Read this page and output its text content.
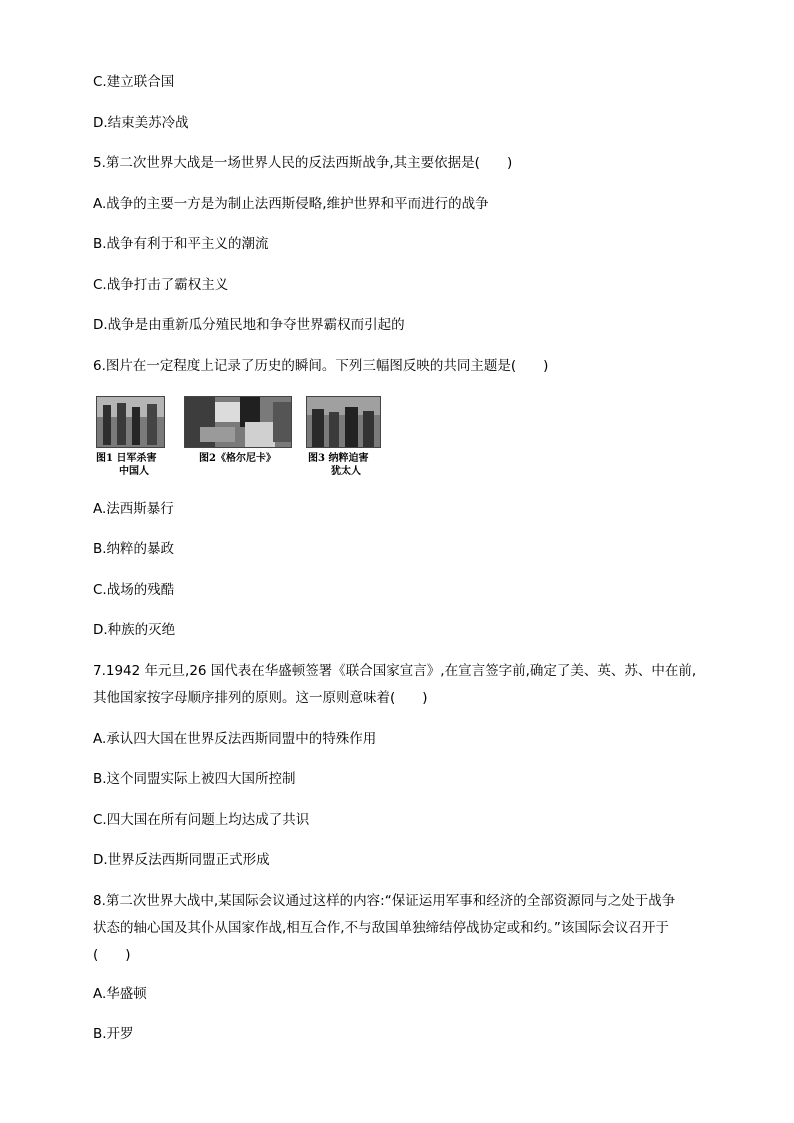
C.建立联合国
D.结束美苏冷战
5.第二次世界大战是一场世界人民的反法西斯战争,其主要依据是(　　)
A.战争的主要一方是为制止法西斯侵略,维护世界和平而进行的战争
B.战争有利于和平主义的潮流
C.战争打击了霸权主义
D.战争是由重新瓜分殖民地和争夺世界霸权而引起的
6.图片在一定程度上记录了历史的瞬间。下列三幅图反映的共同主题是(　　)
图1 日军杀害
中国人
图2《格尔尼卡》	图3 纳粹迫害
犹太人
A.法西斯暴行
B.纳粹的暴政
C.战场的残酷
D.种族的灭绝
7.1942 年元旦,26 国代表在华盛顿签署《联合国家宣言》,在宣言签字前,确定了美、英、苏、中在前,
其他国家按字母顺序排列的原则。这一原则意味着(　　)
A.承认四大国在世界反法西斯同盟中的特殊作用
B.这个同盟实际上被四大国所控制
C.四大国在所有问题上均达成了共识
D.世界反法西斯同盟正式形成
8.第二次世界大战中,某国际会议通过这样的内容:“保证运用军事和经济的全部资源同与之处于战争
状态的轴心国及其仆从国家作战,相互合作,不与敌国单独缔结停战协定或和约。”该国际会议召开于
(　　)
A.华盛顿
B.开罗
